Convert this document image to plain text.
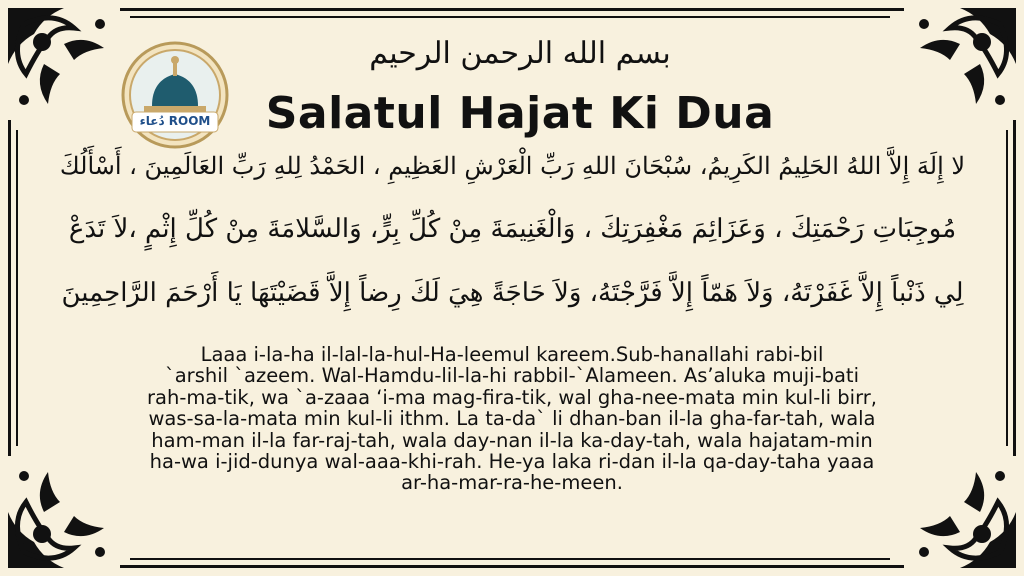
دُعاء ROOM
بسم الله الرحمن الرحيم
Salatul Hajat Ki Dua
لا إِلَهَ إِلاَّ اللهُ الحَلِيمُ الكَرِيمُ، سُبْحَانَ اللهِ رَبِّ الْعَرْشِ العَظِيمِ ، الحَمْدُ لِلهِ رَبِّ العَالَمِينَ ، أَسْأَلُكَ
مُوجِبَاتِ رَحْمَتِكَ ، وَعَزَائِمَ مَغْفِرَتِكَ ، وَالْغَنِيمَةَ مِنْ كُلِّ بِرٍّ، وَالسَّلامَةَ مِنْ كُلِّ إِثْمٍ ،لاَ تَدَعْ
لِي ذَنْباً إِلاَّ غَفَرْتَهُ، وَلاَ هَمّاً إِلاَّ فَرَّجْتَهُ، وَلاَ حَاجَةً هِيَ لَكَ رِضاً إِلاَّ قَضَيْتَهَا يَا أَرْحَمَ الرَّاحِمِينَ
Laaa i-la-ha il-lal-la-hul-Ha-leemul kareem.Sub-hanallahi rabi-bil
`arshil `azeem. Wal-Hamdu-lil-la-hi rabbil-`Alameen. As’aluka muji-bati
rah-ma-tik, wa `a-zaaa ‘i-ma mag-fira-tik, wal gha-nee-mata min kul-li birr,
was-sa-la-mata min kul-li ithm. La ta-da` li dhan-ban il-la gha-far-tah, wala
ham-man il-la far-raj-tah, wala day-nan il-la ka-day-tah, wala hajatam-min
ha-wa i-jid-dunya wal-aaa-khi-rah. He-ya laka ri-dan il-la qa-day-taha yaaa
ar-ha-mar-ra-he-meen.
